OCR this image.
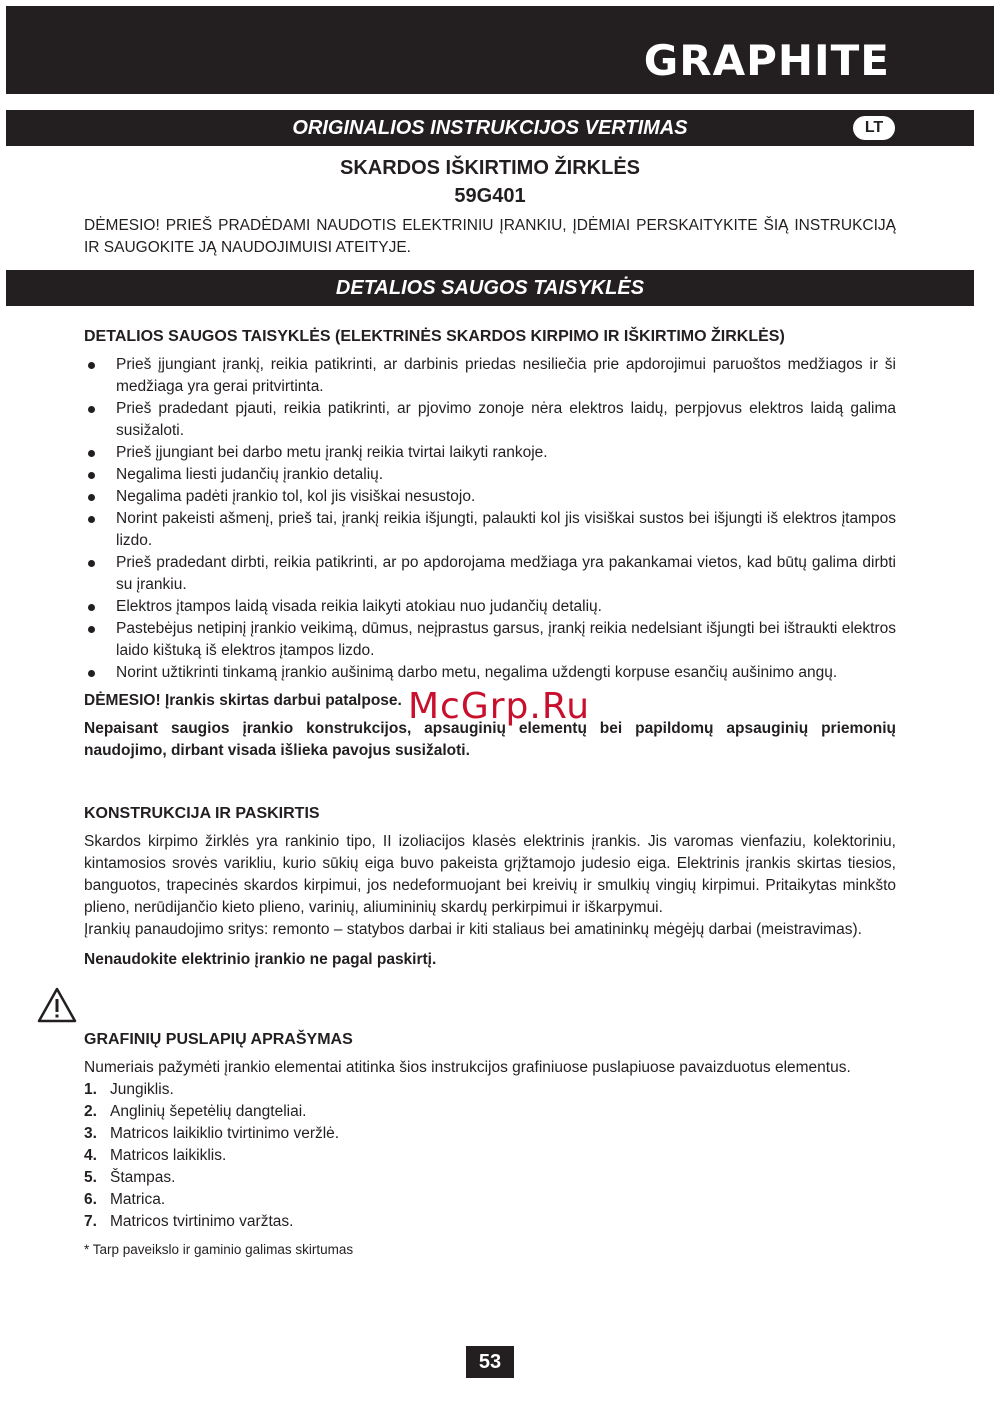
GRAPHITE
ORIGINALIOS INSTRUKCIJOS VERTIMAS	LT
SKARDOS IŠKIRTIMO ŽIRKLĖS
59G401

DĖMESIO! PRIEŠ PRADĖDAMI NAUDOTIS ELEKTRINIU ĮRANKIU, ĮDĖMIAI PERSKAITYKITE ŠIĄ INSTRUKCIJĄ IR SAUGOKITE JĄ NAUDOJIMUISI ATEITYJE.

DETALIOS SAUGOS TAISYKLĖS

DETALIOS SAUGOS TAISYKLĖS (ELEKTRINĖS SKARDOS KIRPIMO IR IŠKIRTIMO ŽIRKLĖS)

Prieš įjungiant įrankį, reikia patikrinti, ar darbinis priedas nesiliečia prie apdorojimui paruoštos medžiagos ir ši medžiaga yra gerai pritvirtinta.
Prieš pradedant pjauti, reikia patikrinti, ar pjovimo zonoje nėra elektros laidų, perpjovus elektros laidą galima susižaloti.
Prieš įjungiant bei darbo metu įrankį reikia tvirtai laikyti rankoje.
Negalima liesti judančių įrankio detalių.
Negalima padėti įrankio tol, kol jis visiškai nesustojo.
Norint pakeisti ašmenį, prieš tai, įrankį reikia išjungti, palaukti kol jis visiškai sustos bei išjungti iš elektros įtampos lizdo.
Prieš pradedant dirbti, reikia patikrinti, ar po apdorojama medžiaga yra pakankamai vietos, kad būtų galima dirbti su įrankiu.
Elektros įtampos laidą visada reikia laikyti atokiau nuo judančių detalių.
Pastebėjus netipinį įrankio veikimą, dūmus, neįprastus garsus, įrankį reikia nedelsiant išjungti bei ištraukti elektros laido kištuką iš elektros įtampos lizdo.
Norint užtikrinti tinkamą įrankio aušinimą darbo metu, negalima uždengti korpuse esančių aušinimo angų.

DĖMESIO! Įrankis skirtas darbui patalpose.

Nepaisant saugios įrankio konstrukcijos, apsauginių elementų bei papildomų apsauginių priemonių naudojimo, dirbant visada išlieka pavojus susižaloti.

KONSTRUKCIJA IR PASKIRTIS

Skardos kirpimo žirklės yra rankinio tipo, II izoliacijos klasės elektrinis įrankis. Jis varomas vienfaziu, kolektoriniu, kintamosios srovės varikliu, kurio sūkių eiga buvo pakeista grįžtamojo judesio eiga. Elektrinis įrankis skirtas tiesios, banguotos, trapecinės skardos kirpimui, jos nedeformuojant bei kreivių ir smulkių vingių kirpimui. Pritaikytas minkšto plieno, nerūdijančio kieto plieno, varinių, aliumininių skardų perkirpimui ir iškarpymui.

Įrankių panaudojimo sritys: remonto – statybos darbai ir kiti staliaus bei amatininkų mėgėjų darbai (meistravimas).

Nenaudokite elektrinio įrankio ne pagal paskirtį.

GRAFINIŲ PUSLAPIŲ APRAŠYMAS

Numeriais pažymėti įrankio elementai atitinka šios instrukcijos grafiniuose puslapiuose pavaizduotus elementus.

1. Jungiklis.
2. Anglinių šepetėlių dangteliai.
3. Matricos laikiklio tvirtinimo veržlė.
4. Matricos laikiklis.
5. Štampas.
6. Matrica.
7. Matricos tvirtinimo varžtas.

* Tarp paveikslo ir gaminio galimas skirtumas

McGrp.Ru
53
